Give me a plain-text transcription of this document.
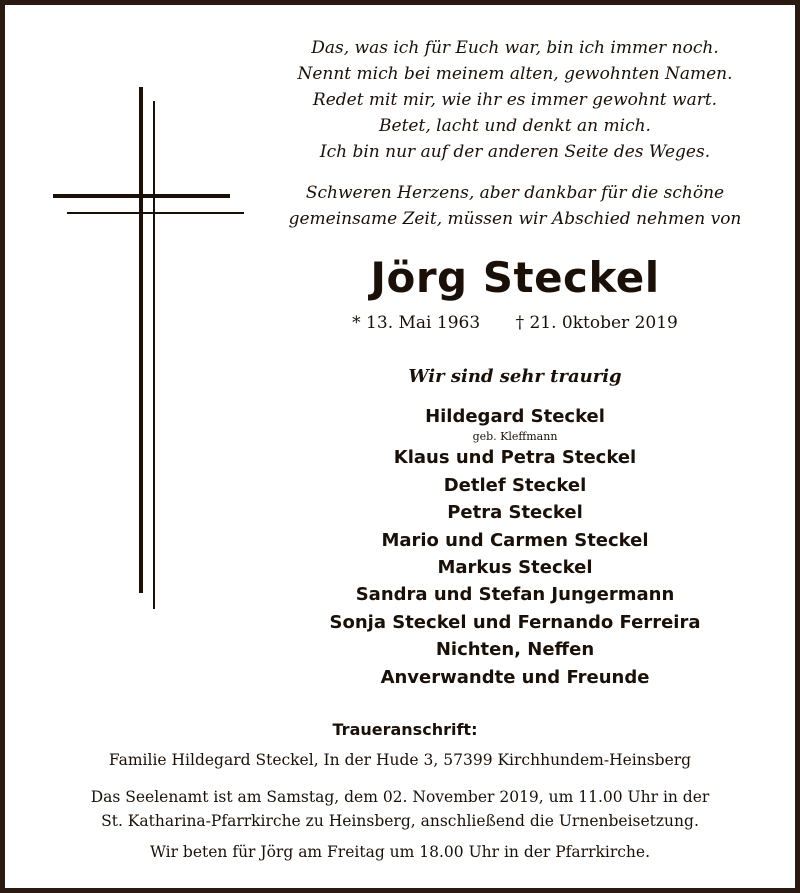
Das, was ich für Euch war, bin ich immer noch.
Nennt mich bei meinem alten, gewohnten Namen.
Redet mit mir, wie ihr es immer gewohnt wart.
Betet, lacht und denkt an mich.
Ich bin nur auf der anderen Seite des Weges.
Schweren Herzens, aber dankbar für die schöne
gemeinsame Zeit, müssen wir Abschied nehmen von
Jörg Steckel
* 13. Mai 1963 † 21. 0ktober 2019
Wir sind sehr traurig
Hildegard Steckel
geb. Kleffmann
Klaus und Petra Steckel
Detlef Steckel
Petra Steckel
Mario und Carmen Steckel
Markus Steckel
Sandra und Stefan Jungermann
Sonja Steckel und Fernando Ferreira
Nichten, Neffen
Anverwandte und Freunde
Traueranschrift:
Familie Hildegard Steckel, In der Hude 3, 57399 Kirchhundem-Heinsberg
Das Seelenamt ist am Samstag, dem 02. November 2019, um 11.00 Uhr in der
St. Katharina-Pfarrkirche zu Heinsberg, anschließend die Urnenbeisetzung.
Wir beten für Jörg am Freitag um 18.00 Uhr in der Pfarrkirche.
